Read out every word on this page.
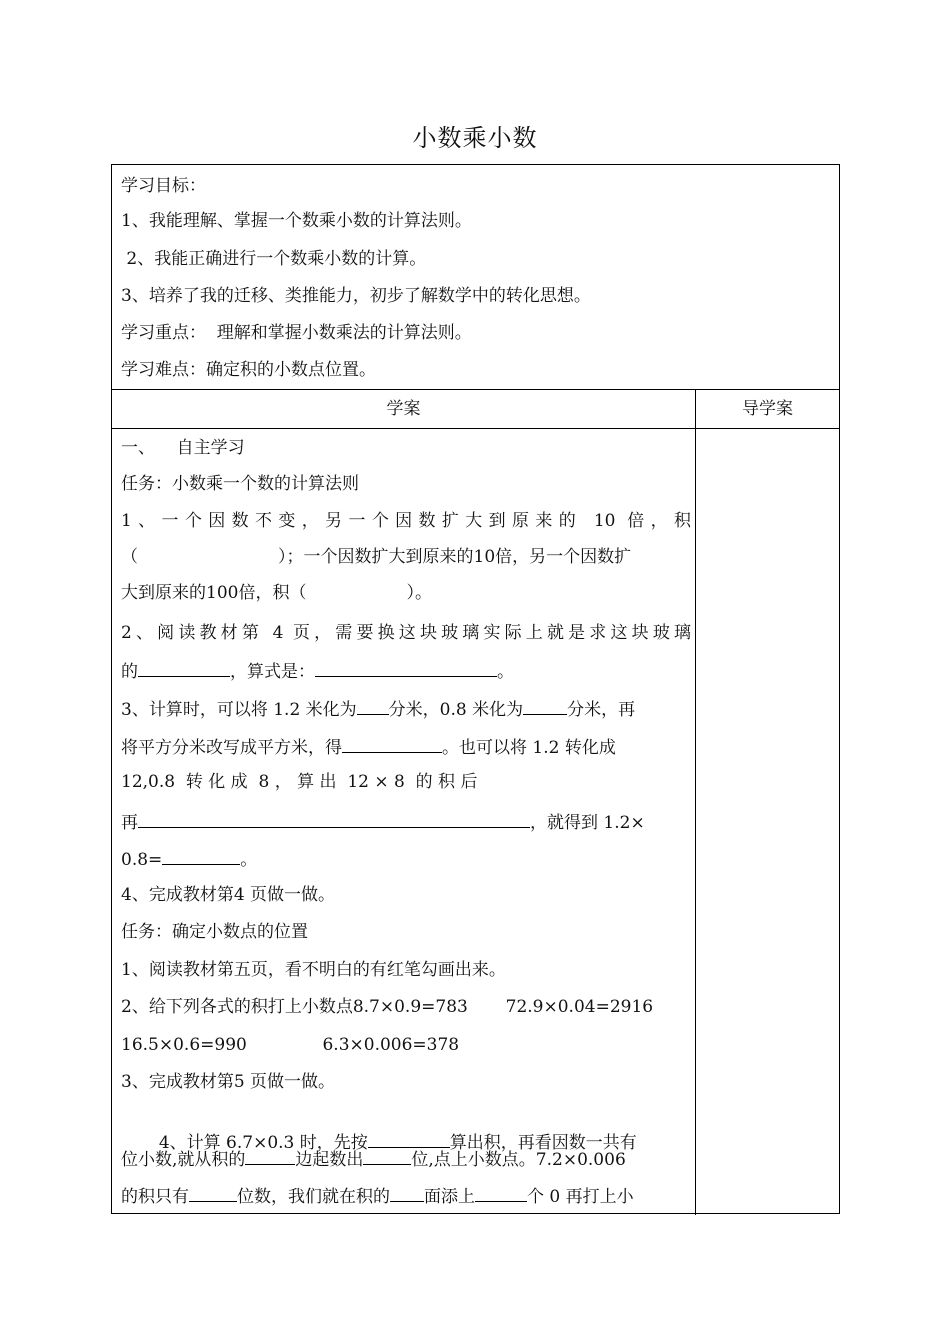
小数乘小数
学习目标：
1、我能理解、掌握一个数乘小数的计算法则。
2、我能正确进行一个数乘小数的计算。
3、培养了我的迁移、类推能力，初步了解数学中的转化思想。
学习重点：  理解和掌握小数乘法的计算法则。
学习难点：确定积的小数点位置。
学案	导学案
一、    自主学习
任务：小数乘一个数的计算法则
1、一个因数不变，另一个因数扩大到原来的 10 倍，积
（	）；一个因数扩大到原来的10倍，另一个因数扩
大到原来的100倍，积（	）。
2、阅读教材第 4 页，需要换这块玻璃实际上就是求这块玻璃
的	，算式是：	。
3、计算时，可以将 1.2 米化为 分米，0.8 米化为	分米，再
将平方分米改写成平方米，得	。也可以将 1.2 转化成
12,0.8  转 化 成  8 ， 算 出  12 × 8  的 积 后
再	，就得到 1.2×
0.8=	。
4、完成教材第4 页做一做。
任务：确定小数点的位置
1、阅读教材第五页，看不明白的有红笔勾画出来。
2、给下列各式的积打上小数点8.7×0.9=783       72.9×0.04=2916
16.5×0.6=990              6.3×0.006=378
3、完成教材第5 页做一做。

4、计算 6.7×0.3 时，先按	算出积，再看因数一共有

位小数,就从积的	边起数出	位,点上小数点。7.2×0.006
的积只有	位数，我们就在积的 面添上	个 0 再打上小
